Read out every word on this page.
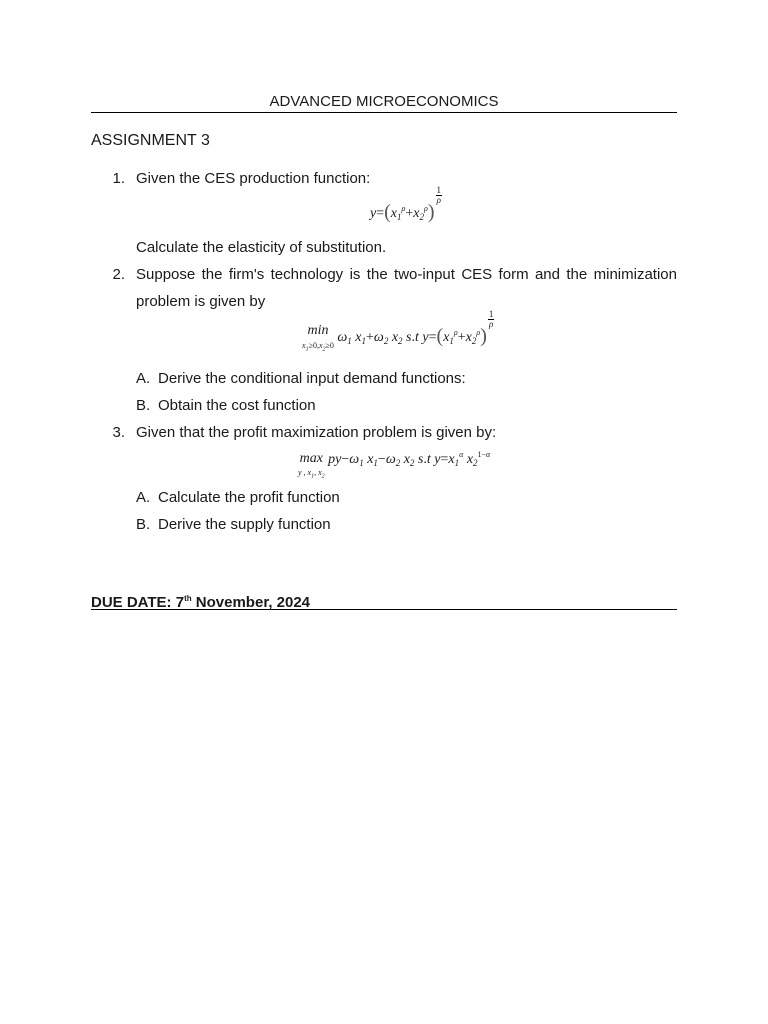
ADVANCED MICROECONOMICS
ASSIGNMENT 3
1. Given the CES production function:
$y=(x_1^\rho+x_2^\rho)$
$\frac{1}{\rho}$
Calculate the elasticity of substitution.
2. Suppose the firm's technology is the two-input CES form and the minimization
problem is given by
min
$x_1\ge 0,x_2\ge 0$ $\omega_1$ $x_1+\omega_2$ $x_2$ s.t $y=(x_1^\rho+x_2^\rho)$
$\frac{1}{\rho}$
A. Derive the conditional input demand functions:
B. Obtain the cost function
3. Given that the profit maximization problem is given by:
max
y , $x_1$, $x_2$ $py-\omega_1$ $x_1-\omega_2$ $x_2$ s.t $y=x_1^\alpha$ $x_2^{1-\alpha}$
A. Calculate the profit function
B. Derive the supply function
DUE DATE: 7th November, 2024
